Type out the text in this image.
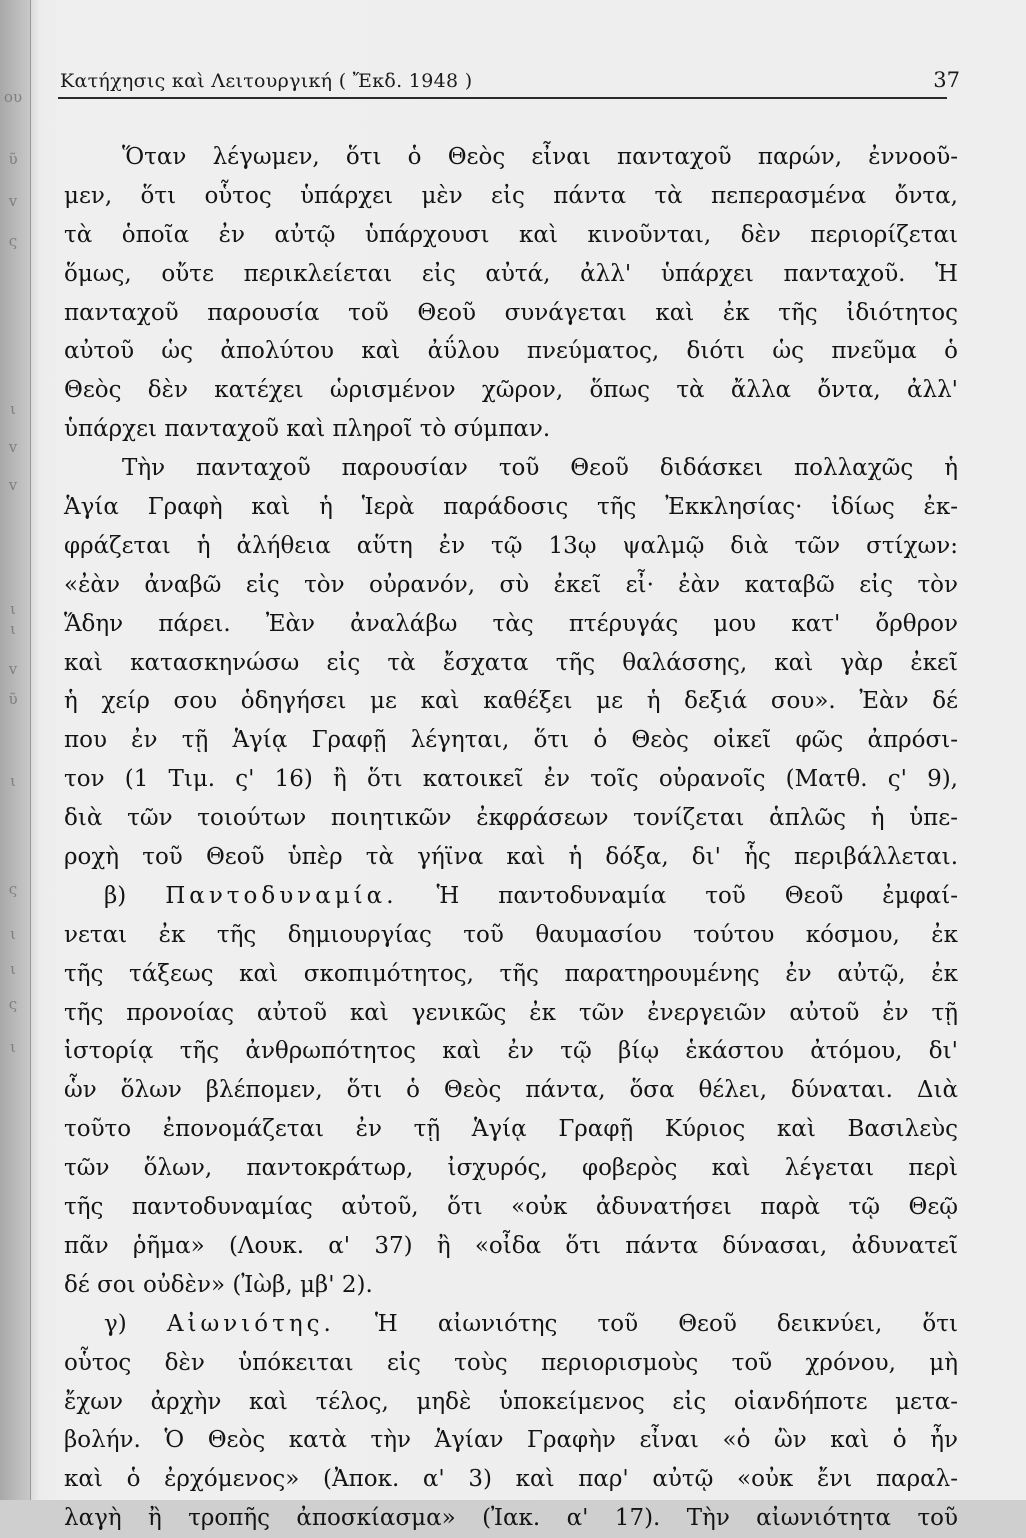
ου
ῦ
v
ς
ι
v
v
ι
ι
v
ῦ
ι
ς
ι
ι
ς
ι
Κατήχησις καὶ Λειτουργική ( Ἔκδ. 1948 )	37
Ὅταν λέγωμεν, ὅτι ὁ Θεὸς εἶναι πανταχοῦ παρών, ἐννοοῦ-
μεν, ὅτι οὗτος ὑπάρχει μὲν εἰς πάντα τὰ πεπερασμένα ὄντα,
τὰ ὁποῖα ἐν αὐτῷ ὑπάρχουσι καὶ κινοῦνται, δὲν περιορίζεται
ὅμως, οὔτε περικλείεται εἰς αὐτά, ἀλλ' ὑπάρχει πανταχοῦ. Ἡ
πανταχοῦ παρουσία τοῦ Θεοῦ συνάγεται καὶ ἐκ τῆς ἰδιότητος
αὐτοῦ ὡς ἀπολύτου καὶ ἀΰλου πνεύματος, διότι ὡς πνεῦμα ὁ
Θεὸς δὲν κατέχει ὡρισμένον χῶρον, ὅπως τὰ ἄλλα ὄντα, ἀλλ'
ὑπάρχει πανταχοῦ καὶ πληροῖ τὸ σύμπαν.
Τὴν πανταχοῦ παρουσίαν τοῦ Θεοῦ διδάσκει πολλαχῶς ἡ
Ἁγία Γραφὴ καὶ ἡ Ἱερὰ παράδοσις τῆς Ἐκκλησίας· ἰδίως ἐκ-
φράζεται ἡ ἀλήθεια αὕτη ἐν τῷ 13ῳ ψαλμῷ διὰ τῶν στίχων:
«ἐὰν ἀναβῶ εἰς τὸν οὐρανόν, σὺ ἐκεῖ εἶ· ἐὰν καταβῶ εἰς τὸν
Ἅδην πάρει. Ἐὰν ἀναλάβω τὰς πτέρυγάς μου κατ' ὄρθρον
καὶ κατασκηνώσω εἰς τὰ ἔσχατα τῆς θαλάσσης, καὶ γὰρ ἐκεῖ
ἡ χείρ σου ὁδηγήσει με καὶ καθέξει με ἡ δεξιά σου». Ἐὰν δέ
που ἐν τῇ Ἁγίᾳ Γραφῇ λέγηται, ὅτι ὁ Θεὸς οἰκεῖ φῶς ἀπρόσι-
τον (1 Τιμ. ς' 16) ἢ ὅτι κατοικεῖ ἐν τοῖς οὐρανοῖς (Ματθ. ς' 9),
διὰ τῶν τοιούτων ποιητικῶν ἐκφράσεων τονίζεται ἁπλῶς ἡ ὑπε-
ροχὴ τοῦ Θεοῦ ὑπὲρ τὰ γήϊνα καὶ ἡ δόξα, δι' ἧς περιβάλλεται.
β) Παντοδυναμία. Ἡ παντοδυναμία τοῦ Θεοῦ ἐμφαί-
νεται ἐκ τῆς δημιουργίας τοῦ θαυμασίου τούτου κόσμου, ἐκ
τῆς τάξεως καὶ σκοπιμότητος, τῆς παρατηρουμένης ἐν αὐτῷ, ἐκ
τῆς προνοίας αὐτοῦ καὶ γενικῶς ἐκ τῶν ἐνεργειῶν αὐτοῦ ἐν τῇ
ἱστορίᾳ τῆς ἀνθρωπότητος καὶ ἐν τῷ βίῳ ἑκάστου ἀτόμου, δι'
ὧν ὅλων βλέπομεν, ὅτι ὁ Θεὸς πάντα, ὅσα θέλει, δύναται. Διὰ
τοῦτο ἐπονομάζεται ἐν τῇ Ἁγίᾳ Γραφῇ Κύριος καὶ Βασιλεὺς
τῶν ὅλων, παντοκράτωρ, ἰσχυρός, φοβερὸς καὶ λέγεται περὶ
τῆς παντοδυναμίας αὐτοῦ, ὅτι «οὐκ ἀδυνατήσει παρὰ τῷ Θεῷ
πᾶν ῥῆμα» (Λουκ. α' 37) ἢ «οἶδα ὅτι πάντα δύνασαι, ἀδυνατεῖ
δέ σοι οὐδὲν» (Ἰὼβ, μβ' 2).
γ) Αἰωνιότης. Ἡ αἰωνιότης τοῦ Θεοῦ δεικνύει, ὅτι
οὗτος δὲν ὑπόκειται εἰς τοὺς περιορισμοὺς τοῦ χρόνου, μὴ
ἔχων ἀρχὴν καὶ τέλος, μηδὲ ὑποκείμενος εἰς οἱανδήποτε μετα-
βολήν. Ὁ Θεὸς κατὰ τὴν Ἁγίαν Γραφὴν εἶναι «ὁ ὢν καὶ ὁ ἦν
καὶ ὁ ἐρχόμενος» (Ἀποκ. α' 3) καὶ παρ' αὐτῷ «οὐκ ἔνι παραλ-
λαγὴ ἢ τροπῆς ἀποσκίασμα» (Ἰακ. α' 17). Τὴν αἰωνιότητα τοῦ
